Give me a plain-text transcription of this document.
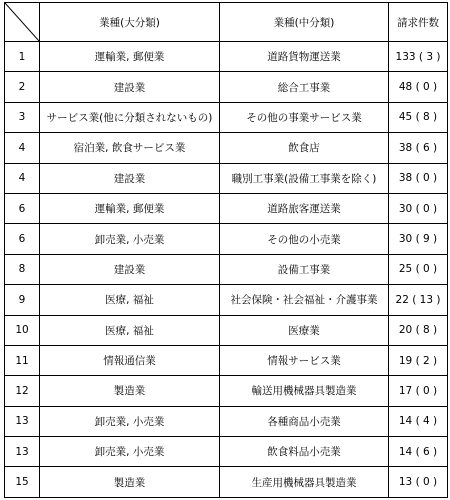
	業種(大分類)	業種(中分類)	請求件数
1	運輸業, 郵便業	道路貨物運送業	133 ( 3 )
2	建設業	総合工事業	48 ( 0 )
3	サービス業(他に分類されないもの)	その他の事業サービス業	45 ( 8 )
4	宿泊業, 飲食サービス業	飲食店	38 ( 6 )
4	建設業	職別工事業(設備工事業を除く)	38 ( 0 )
6	運輸業, 郵便業	道路旅客運送業	30 ( 0 )
6	卸売業, 小売業	その他の小売業	30 ( 9 )
8	建設業	設備工事業	25 ( 0 )
9	医療, 福祉	社会保険・社会福祉・介護事業	22 ( 13 )
10	医療, 福祉	医療業	20 ( 8 )
11	情報通信業	情報サービス業	19 ( 2 )
12	製造業	輸送用機械器具製造業	17 ( 0 )
13	卸売業, 小売業	各種商品小売業	14 ( 4 )
13	卸売業, 小売業	飲食料品小売業	14 ( 6 )
15	製造業	生産用機械器具製造業	13 ( 0 )
